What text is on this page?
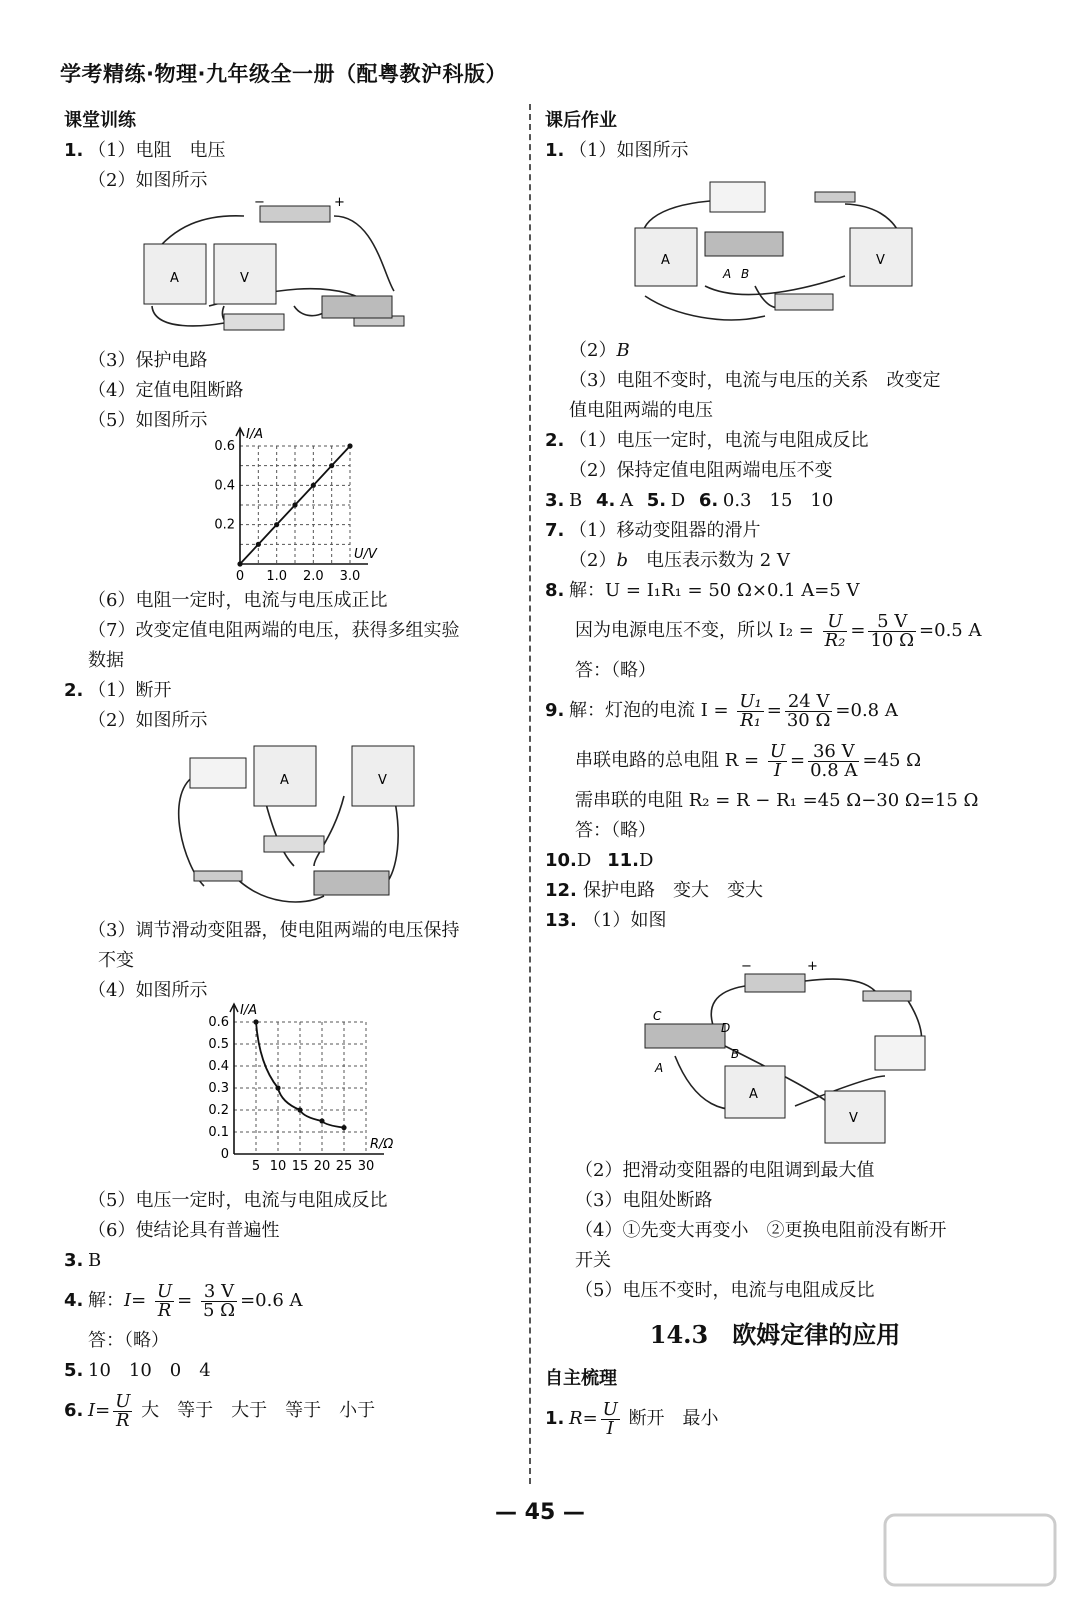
学考精练·物理·九年级全一册（配粤教沪科版）
课堂训练
1. （1）电阻　电压
（2）如图所示
−	+
A	V
（3）保护电路
（4）定值电阻断路
（5）如图所示
I/A
U/V
0 1.0 2.0 3.0
0.2
0.4
0.6
（6）电阻一定时，电流与电压成正比
（7）改变定值电阻两端的电压，获得多组实验
数据
2. （1）断开
（2）如图所示
A	V
（3）调节滑动变阻器，使电阻两端的电压保持
不变
（4）如图所示
I/A
R/Ω
5 10 15 20 25 30
0
0.1
0.2
0.3
0.4
0.5
0.6
（5）电压一定时，电流与电阻成反比
（6）使结论具有普遍性
3. B
4. 解：$I= \frac{U}{R} = \frac{3 V}{5 \Omega} =0.6$ A
答：（略）
5. 10　10　0　4
6. $I= \frac{U}{R}$ 大　等于　大于　等于　小于
课后作业
1. （1）如图所示
A
A B
V
（2）B
（3）电阻不变时，电流与电压的关系　改变定
值电阻两端的电压
2. （1）电压一定时，电流与电阻成反比
（2）保持定值电阻两端电压不变
3. B 4. A 5. D 6. 0.3　15　10
7. （1）移动变阻器的滑片
（2）b　电压表示数为 2 V
8. 解：U = I₁R₁ = 50 Ω×0.1 A=5 V
因为电源电压不变，所以 $I_2 = \frac{U}{\text{R₂}} = \frac{5 V}{10 \Omega} =0.5$ A
答：（略）
9. 解：灯泡的电流 $I = \frac{\text{U₁}}{\text{R₁}} = \frac{24 V}{30 \Omega} =0.8$ A
串联电路的总电阻 $R = \frac{U}{I} = \frac{36 V}{0.8 A} =45$ Ω
需串联的电阻 R₂ = R − R₁ =45 Ω−30 Ω=15 Ω
答：（略）
10.D 11.D
12. 保护电路　变大　变大
13. （1）如图
−	+
C
D
A
B
A
V
（2）把滑动变阻器的电阻调到最大值
（3）电阻处断路
（4）①先变大再变小　②更换电阻前没有断开
开关
（5）电压不变时，电流与电阻成反比
14.3　欧姆定律的应用
自主梳理
1. $R= \frac{U}{I}$ 断开　最小
— 45 —
